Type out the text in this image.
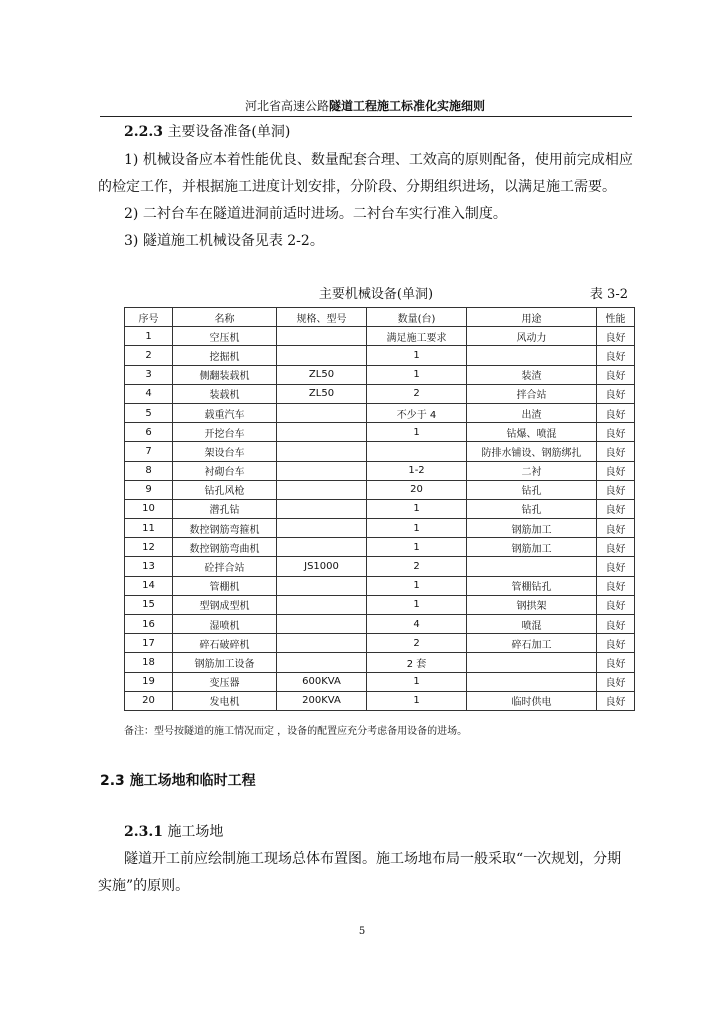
河北省高速公路隧道工程施工标准化实施细则
2.2.3 主要设备准备(单洞)
1) 机械设备应本着性能优良、数量配套合理、工效高的原则配备，使用前完成相应
的检定工作，并根据施工进度计划安排，分阶段、分期组织进场，以满足施工需要。
2) 二衬台车在隧道进洞前适时进场。二衬台车实行准入制度。
3) 隧道施工机械设备见表 2-2。
主要机械设备(单洞)	表 3-2
序号	名称	规格、型号	数量(台)	用途	性能
1	空压机		满足施工要求	风动力	良好
2	挖掘机		1		良好
3	侧翻装载机	ZL50	1	装渣	良好
4	装载机	ZL50	2	拌合站	良好
5	载重汽车		不少于 4	出渣	良好
6	开挖台车		1	钻爆、喷混	良好
7	架设台车			防排水铺设、钢筋绑扎	良好
8	衬砌台车		1-2	二衬	良好
9	钻孔风枪		20	钻孔	良好
10	潜孔钻		1	钻孔	良好
11	数控钢筋弯箍机		1	钢筋加工	良好
12	数控钢筋弯曲机		1	钢筋加工	良好
13	砼拌合站	JS1000	2		良好
14	管棚机		1	管棚钻孔	良好
15	型钢成型机		1	钢拱架	良好
16	湿喷机		4	喷混	良好
17	碎石破碎机		2	碎石加工	良好
18	钢筋加工设备		2 套		良好
19	变压器	600KVA	1		良好
20	发电机	200KVA	1	临时供电	良好
备注：型号按隧道的施工情况而定 ，设备的配置应充分考虑备用设备的进场。
2.3 施工场地和临时工程
2.3.1 施工场地
隧道开工前应绘制施工现场总体布置图。施工场地布局一般采取“一次规划，分期
实施”的原则。
5
